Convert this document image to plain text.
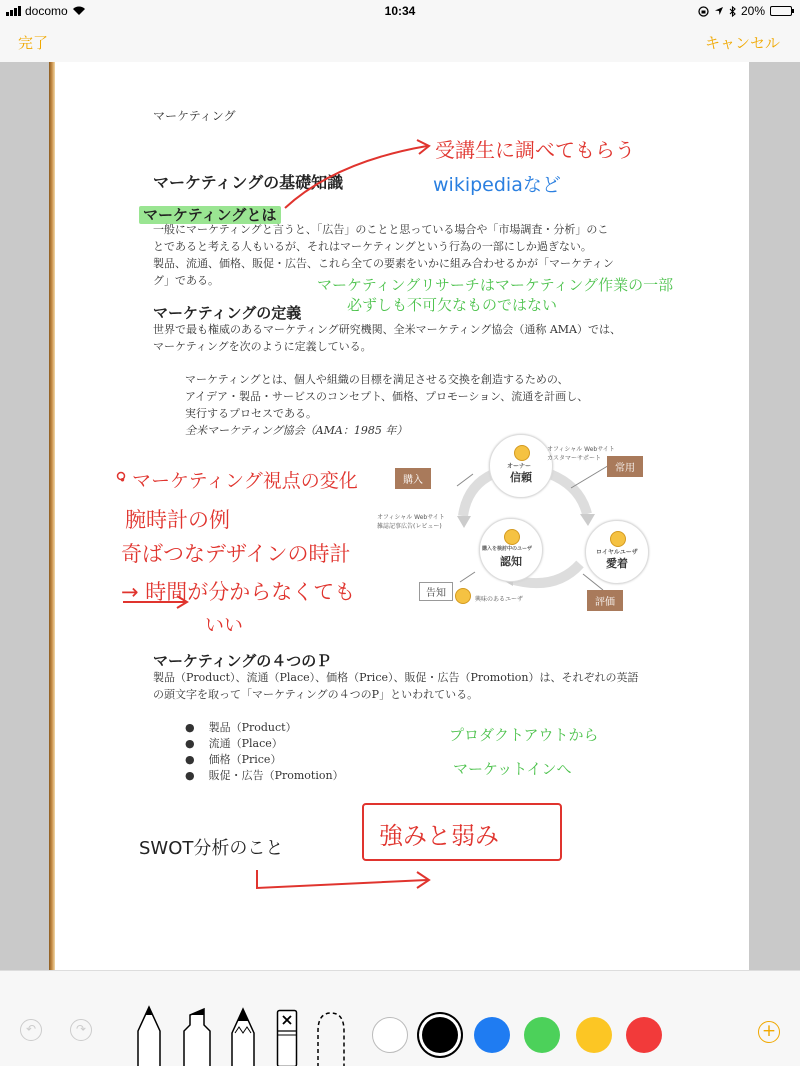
docomo	10:34	20%
完了	キャンセル
マーケティング
マーケティングの基礎知識
マーケティングとは
一般にマーケティングと言うと、「広告」のことと思っている場合や「市場調査・分析」のこ
とであると考える人もいるが、それはマーケティングという行為の一部にしか過ぎない。
製品、流通、価格、販促・広告、これら全ての要素をいかに組み合わせるかが「マーケティン
グ」である。
マーケティングの定義
世界で最も権威のあるマーケティング研究機関、全米マーケティング協会（通称 AMA）では、
マーケティングを次のように定義している。
マーケティングとは、個人や組織の目標を満足させる交換を創造するための、
アイデア・製品・サービスのコンセプト、価格、プロモーション、流通を計画し、
実行するプロセスである。
全米マーケティング協会（AMA：1985 年）
オーナー
信頼
ロイヤルユーザ
愛着
購入を検討中のユーザ
認知
オフィシャル Webサイト
カスタマーサポート
オフィシャル Webサイト
雑誌記事広告(レビュー)
興味のあるユーザ
購入
常用
評価
告知
マーケティングの４つのＰ
製品（Product）、流通（Place）、価格（Price）、販促・広告（Promotion）は、それぞれの英語
の頭文字を取って「マーケティングの４つのP」といわれている。
●    製品（Product）
●    流通（Place）
●    価格（Price）
●    販促・広告（Promotion）
受講生に調べてもらう
wikipediaなど
マーケティングリサーチはマーケティング作業の一部
必ずしも不可欠なものではない
・マーケティング視点の変化
腕時計の例
奇ばつなデザインの時計
→ 時間が分からなくても
いい
プロダクトアウトから
マーケットインへ
SWOT分析のこと	強みと弱み
↶	↷	+
